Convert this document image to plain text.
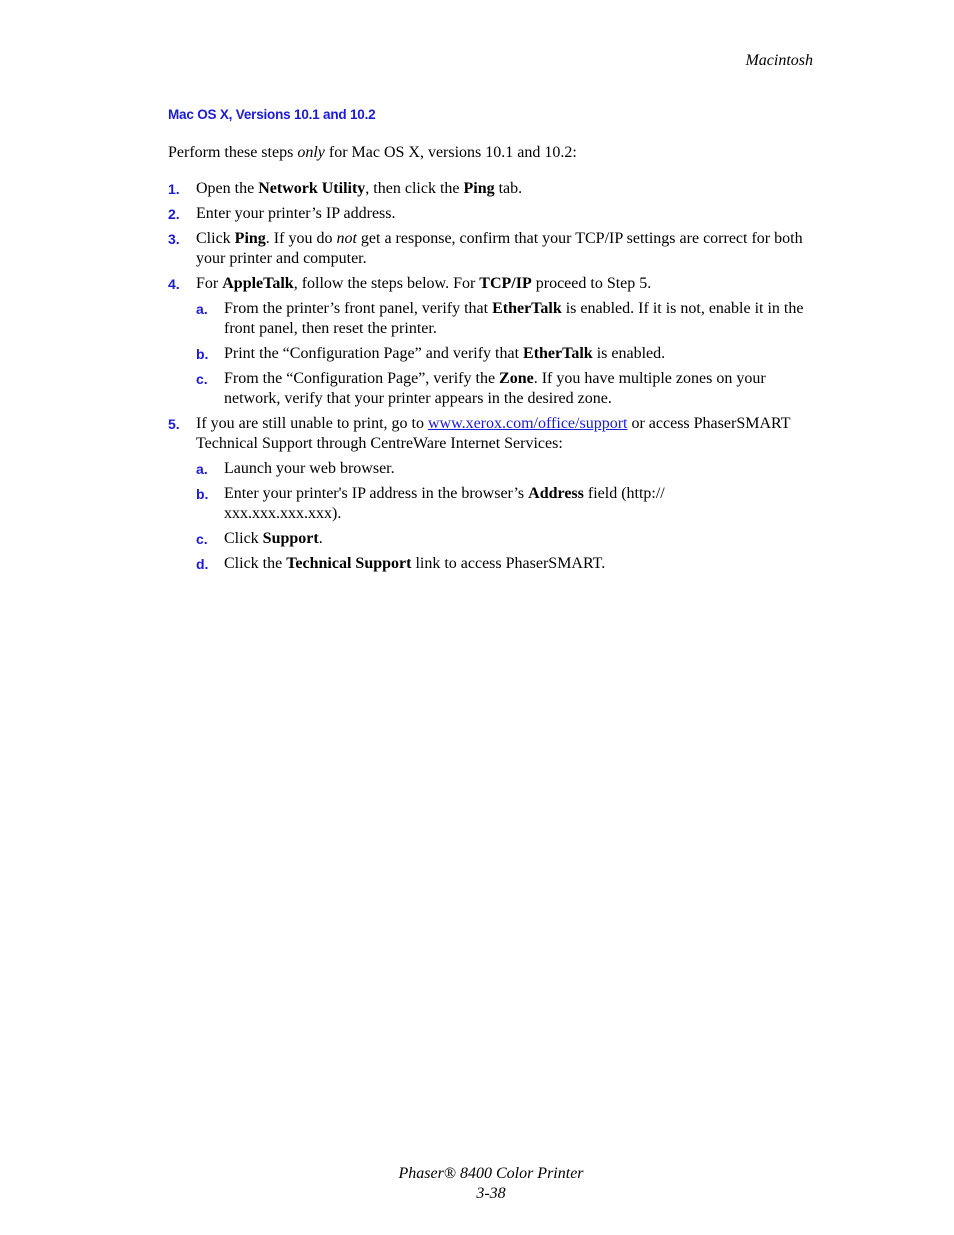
Macintosh
Mac OS X, Versions 10.1 and 10.2
Perform these steps only for Mac OS X, versions 10.1 and 10.2:
1. Open the Network Utility, then click the Ping tab.
2. Enter your printer’s IP address.
3. Click Ping. If you do not get a response, confirm that your TCP/IP settings are correct for both your printer and computer.
4. For AppleTalk, follow the steps below. For TCP/IP proceed to Step 5.
a. From the printer’s front panel, verify that EtherTalk is enabled. If it is not, enable it in the front panel, then reset the printer.
b. Print the “Configuration Page” and verify that EtherTalk is enabled.
c. From the “Configuration Page”, verify the Zone. If you have multiple zones on your network, verify that your printer appears in the desired zone.
5. If you are still unable to print, go to www.xerox.com/office/support or access PhaserSMART Technical Support through CentreWare Internet Services:
a. Launch your web browser.
b. Enter your printer's IP address in the browser’s Address field (http://
xxx.xxx.xxx.xxx).
c. Click Support.
d. Click the Technical Support link to access PhaserSMART.
Phaser® 8400 Color Printer
3-38
